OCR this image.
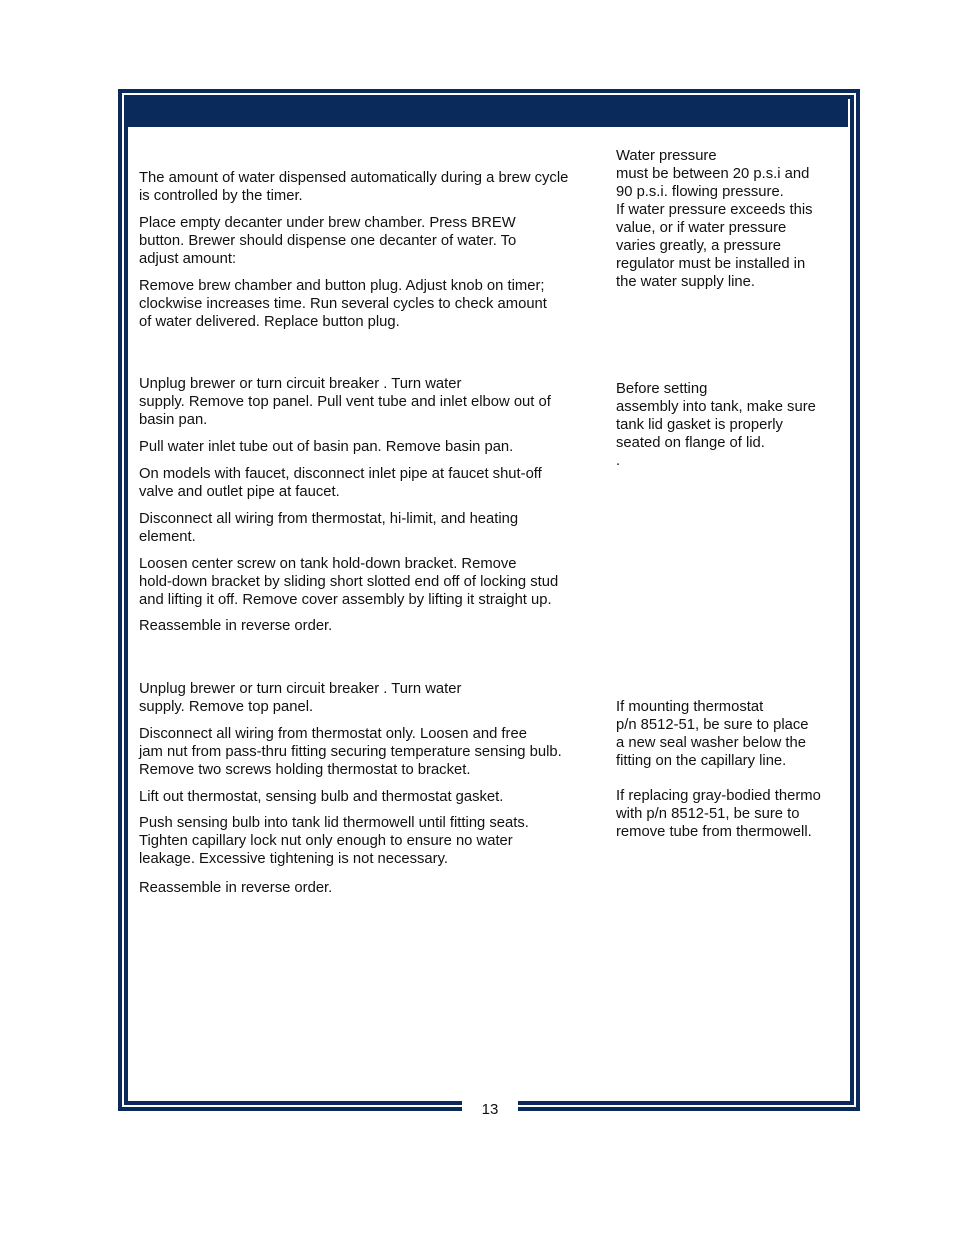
The amount of water dispensed automatically during a brew cycle
is controlled by the timer.
Place empty decanter under brew chamber. Press BREW
button. Brewer should dispense one decanter of water. To
adjust amount:
Remove brew chamber and button plug. Adjust knob on timer;
clockwise increases time. Run several cycles to check amount
of water delivered. Replace button plug.
Water pressure
must be between 20 p.s.i and
90 p.s.i. flowing pressure.
If water pressure exceeds this
value, or if water pressure
varies greatly, a pressure
regulator must be installed in
the water supply line.
Unplug brewer or turn circuit breaker . Turn water
supply. Remove top panel. Pull vent tube and inlet elbow out of
basin pan.
Pull water inlet tube out of basin pan. Remove basin pan.
On models with faucet, disconnect inlet pipe at faucet shut-off
valve and outlet pipe at faucet.
Disconnect all wiring from thermostat, hi-limit, and heating
element.
Loosen center screw on tank hold-down bracket. Remove
hold-down bracket by sliding short slotted end off of locking stud
and lifting it off. Remove cover assembly by lifting it straight up.
Reassemble in reverse order.
Before setting
assembly into tank, make sure
tank lid gasket is properly
seated on flange of lid.
.
Unplug brewer or turn circuit breaker . Turn water
supply. Remove top panel.
Disconnect all wiring from thermostat only. Loosen and free
jam nut from pass-thru fitting securing temperature sensing bulb.
Remove two screws holding thermostat to bracket.
Lift out thermostat, sensing bulb and thermostat gasket.
Push sensing bulb into tank lid thermowell until fitting seats.
Tighten capillary lock nut only enough to ensure no water
leakage. Excessive tightening is not necessary.
Reassemble in reverse order.
If mounting thermostat
p/n 8512-51, be sure to place
a new seal washer below the
fitting on the capillary line.
If replacing gray-bodied thermo
with p/n 8512-51, be sure to
remove tube from thermowell.
13
